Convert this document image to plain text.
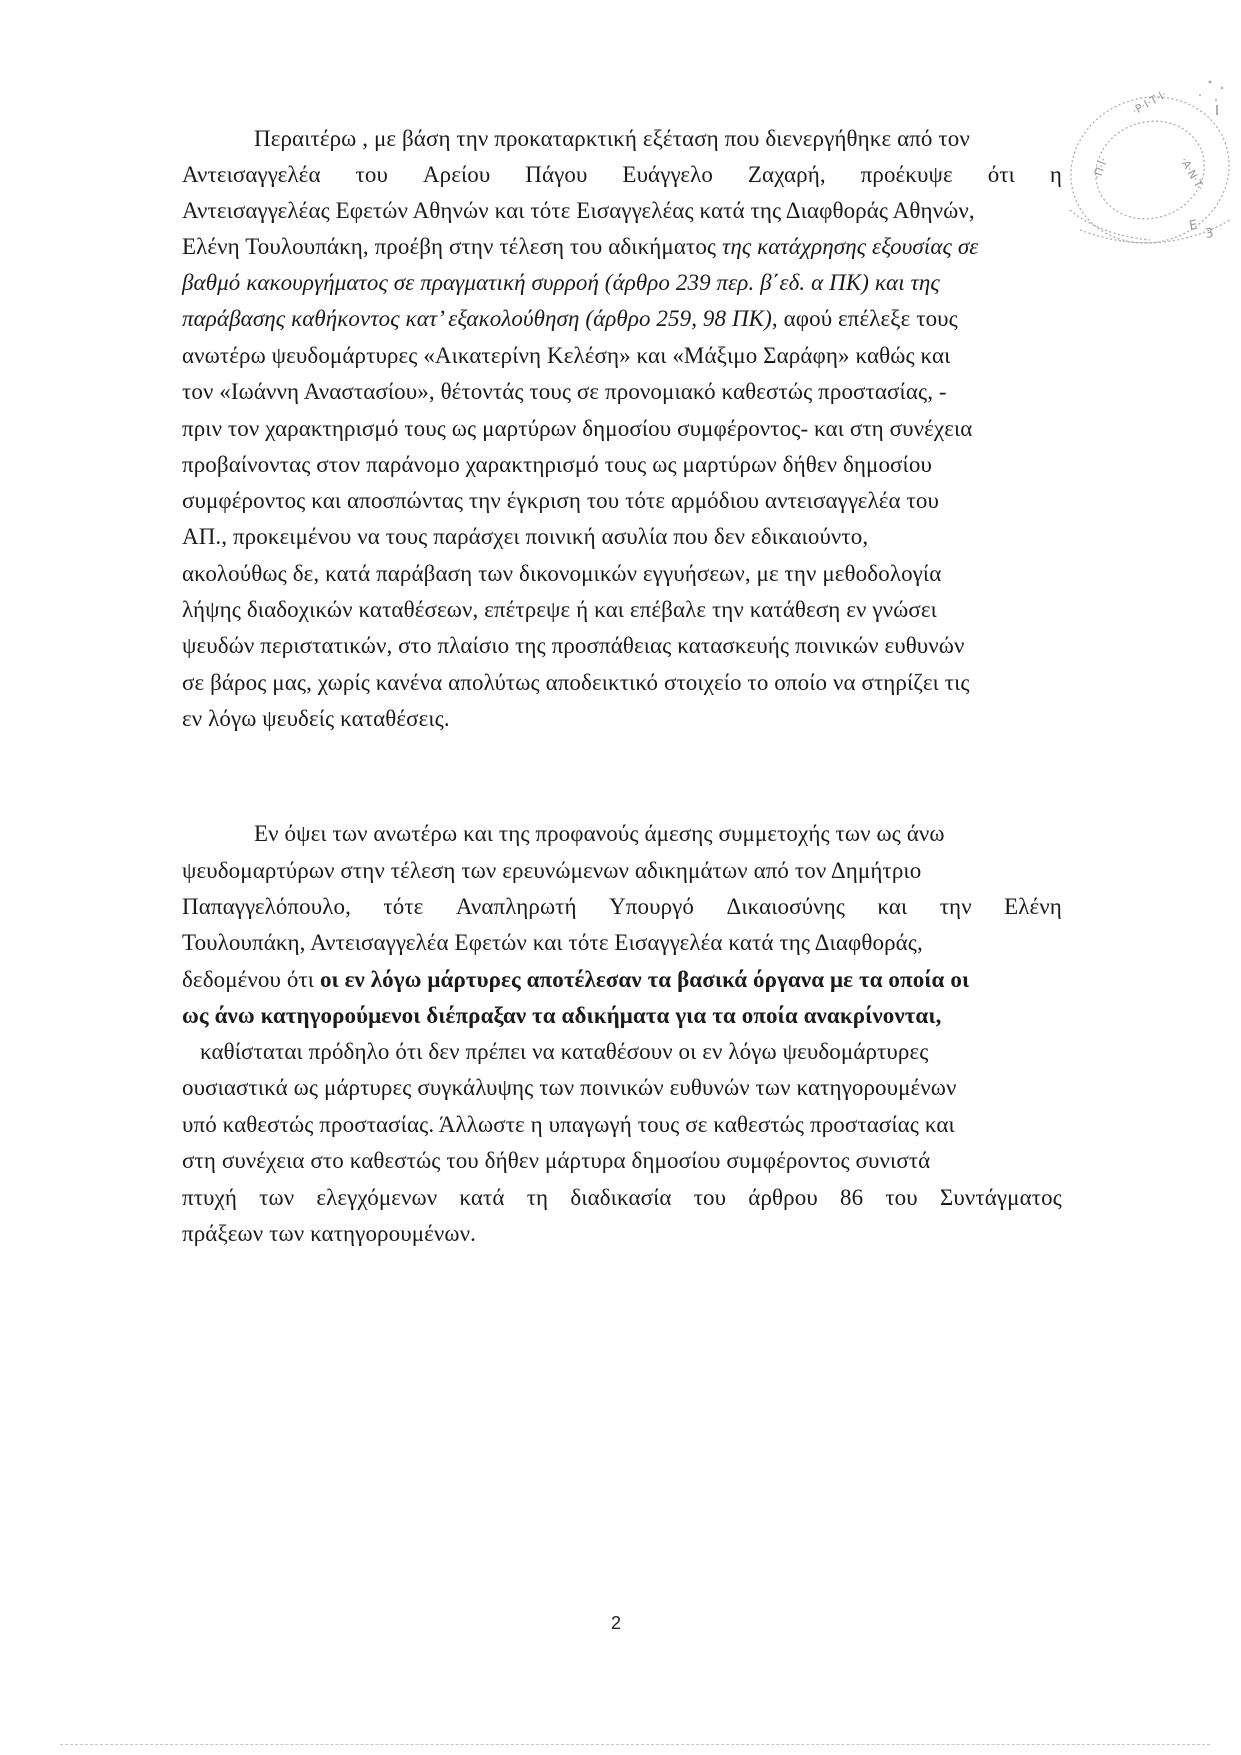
·Ρ·Ι·Τ·Ι·
·Α·Ν·Τ·
·Π·Ι·
Ε 3
Περαιτέρω , με βάση την προκαταρκτική εξέταση που διενεργήθηκε από τον
Αντεισαγγελέα του Αρείου Πάγου Ευάγγελο Ζαχαρή, προέκυψε ότι η
Αντεισαγγελέας Εφετών Αθηνών και τότε Εισαγγελέας κατά της Διαφθοράς Αθηνών,
Ελένη Τουλουπάκη, προέβη στην τέλεση του αδικήματος της κατάχρησης εξουσίας σε
βαθμό κακουργήματος σε πραγματική συρροή (άρθρο 239 περ. β΄εδ. α ΠΚ) και της
παράβασης καθήκοντος κατ’ εξακολούθηση (άρθρο 259, 98 ΠΚ), αφού επέλεξε τους
ανωτέρω ψευδομάρτυρες «Αικατερίνη Κελέση» και «Μάξιμο Σαράφη» καθώς και
τον «Ιωάννη Αναστασίου», θέτοντάς τους σε προνομιακό καθεστώς προστασίας, -
πριν τον χαρακτηρισμό τους ως μαρτύρων δημοσίου συμφέροντος- και στη συνέχεια
προβαίνοντας στον παράνομο χαρακτηρισμό τους ως μαρτύρων δήθεν δημοσίου
συμφέροντος και αποσπώντας την έγκριση του τότε αρμόδιου αντεισαγγελέα του
ΑΠ., προκειμένου να τους παράσχει ποινική ασυλία που δεν εδικαιούντο,
ακολούθως δε, κατά παράβαση των δικονομικών εγγυήσεων, με την μεθοδολογία
λήψης διαδοχικών καταθέσεων, επέτρεψε ή και επέβαλε την κατάθεση εν γνώσει
ψευδών περιστατικών, στο πλαίσιο της προσπάθειας κατασκευής ποινικών ευθυνών
σε βάρος μας, χωρίς κανένα απολύτως αποδεικτικό στοιχείο το οποίο να στηρίζει τις
εν λόγω ψευδείς καταθέσεις.
Εν όψει των ανωτέρω και της προφανούς άμεσης συμμετοχής των ως άνω
ψευδομαρτύρων στην τέλεση των ερευνώμενων αδικημάτων από τον Δημήτριο
Παπαγγελόπουλο, τότε Αναπληρωτή Υπουργό Δικαιοσύνης και την Ελένη
Τουλουπάκη, Αντεισαγγελέα Εφετών και τότε Εισαγγελέα κατά της Διαφθοράς,
δεδομένου ότι οι εν λόγω μάρτυρες αποτέλεσαν τα βασικά όργανα με τα οποία οι
ως άνω κατηγορούμενοι διέπραξαν τα αδικήματα για τα οποία ανακρίνονται,
καθίσταται πρόδηλο ότι δεν πρέπει να καταθέσουν οι εν λόγω ψευδομάρτυρες
ουσιαστικά ως μάρτυρες συγκάλυψης των ποινικών ευθυνών των κατηγορουμένων
υπό καθεστώς προστασίας. Άλλωστε η υπαγωγή τους σε καθεστώς προστασίας και
στη συνέχεια στο καθεστώς του δήθεν μάρτυρα δημοσίου συμφέροντος συνιστά
πτυχή των ελεγχόμενων κατά τη διαδικασία του άρθρου 86 του Συντάγματος
πράξεων των κατηγορουμένων.
2
